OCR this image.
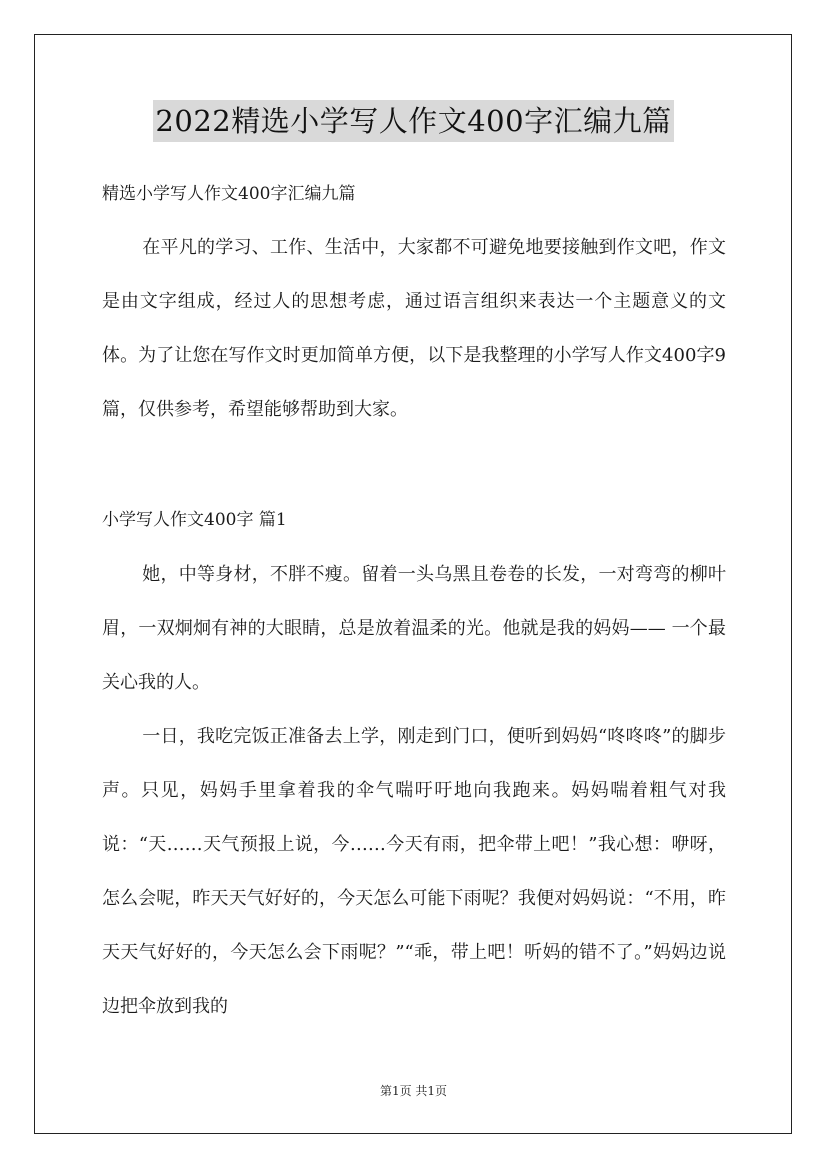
2022精选小学写人作文400字汇编九篇
精选小学写人作文400字汇编九篇

在平凡的学习、工作、生活中，大家都不可避免地要接触到作文吧，作文是由文字组成，经过人的思想考虑，通过语言组织来表达一个主题意义的文体。为了让您在写作文时更加简单方便，以下是我整理的小学写人作文400字9篇，仅供参考，希望能够帮助到大家。

小学写人作文400字 篇1

她，中等身材，不胖不瘦。留着一头乌黑且卷卷的长发，一对弯弯的柳叶眉，一双炯炯有神的大眼睛，总是放着温柔的光。他就是我的妈妈—— 一个最关心我的人。

一日，我吃完饭正准备去上学，刚走到门口，便听到妈妈“咚咚咚”的脚步声。只见，妈妈手里拿着我的伞气喘吁吁地向我跑来。妈妈喘着粗气对我说：“天……天气预报上说，今……今天有雨，把伞带上吧！”我心想：咿呀，怎么会呢，昨天天气好好的，今天怎么可能下雨呢？我便对妈妈说：“不用，昨天天气好好的，今天怎么会下雨呢？”“乖，带上吧！听妈的错不了。”妈妈边说边把伞放到我的

第1页 共1页
